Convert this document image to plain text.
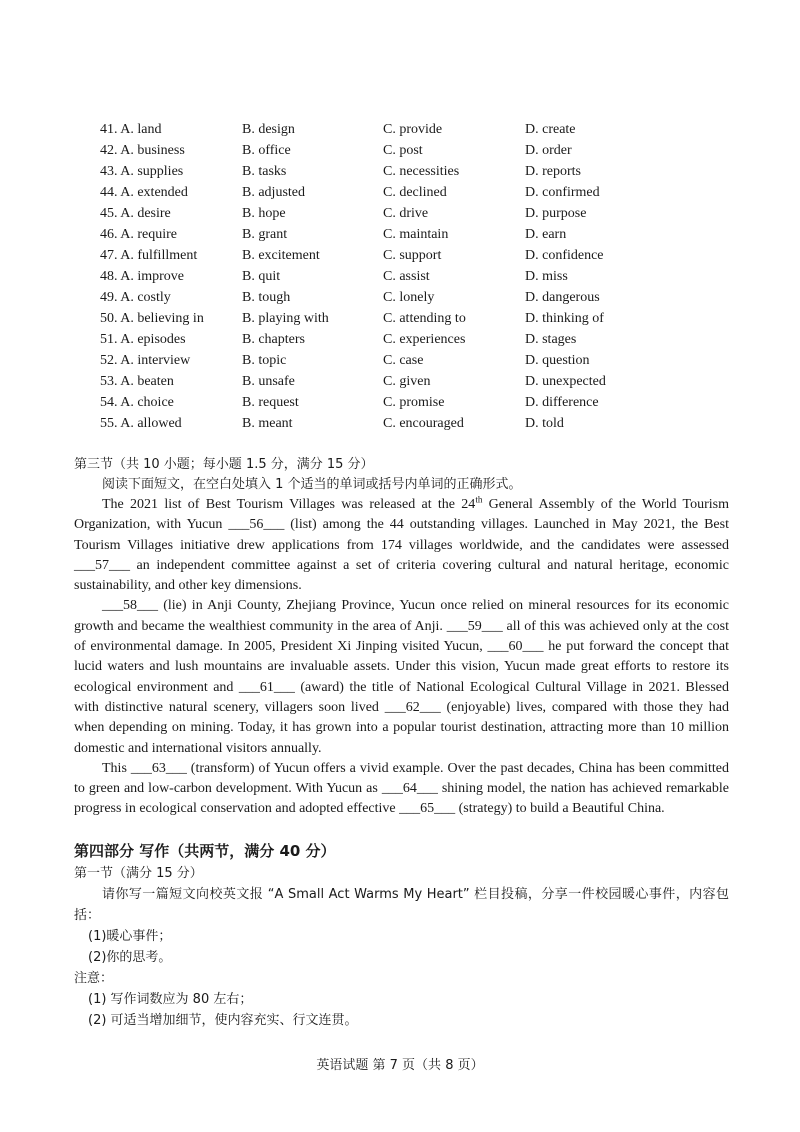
41. A. land	B. design	C. provide	D. create
42. A. business	B. office	C. post	D. order
43. A. supplies	B. tasks	C. necessities	D. reports
44. A. extended	B. adjusted	C. declined	D. confirmed
45. A. desire	B. hope	C. drive	D. purpose
46. A. require	B. grant	C. maintain	D. earn
47. A. fulfillment	B. excitement	C. support	D. confidence
48. A. improve	B. quit	C. assist	D. miss
49. A. costly	B. tough	C. lonely	D. dangerous
50. A. believing in	B. playing with	C. attending to	D. thinking of
51. A. episodes	B. chapters	C. experiences	D. stages
52. A. interview	B. topic	C. case	D. question
53. A. beaten	B. unsafe	C. given	D. unexpected
54. A. choice	B. request	C. promise	D. difference
55. A. allowed	B. meant	C. encouraged	D. told
第三节（共 10 小题；每小题 1.5 分，满分 15 分）
阅读下面短文，在空白处填入 1 个适当的单词或括号内单词的正确形式。

The 2021 list of Best Tourism Villages was released at the 24th General Assembly of the World Tourism Organization, with Yucun ___56___ (list) among the 44 outstanding villages. Launched in May 2021, the Best Tourism Villages initiative drew applications from 174 villages worldwide, and the candidates were assessed ___57___ an independent committee against a set of criteria covering cultural and natural heritage, economic sustainability, and other key dimensions.

___58___ (lie) in Anji County, Zhejiang Province, Yucun once relied on mineral resources for its economic growth and became the wealthiest community in the area of Anji. ___59___ all of this was achieved only at the cost of environmental damage. In 2005, President Xi Jinping visited Yucun, ___60___ he put forward the concept that lucid waters and lush mountains are invaluable assets. Under this vision, Yucun made great efforts to restore its ecological environment and ___61___ (award) the title of National Ecological Cultural Village in 2021. Blessed with distinctive natural scenery, villagers soon lived ___62___ (enjoyable) lives, compared with those they had when depending on mining. Today, it has grown into a popular tourist destination, attracting more than 10 million domestic and international visitors annually.

This ___63___ (transform) of Yucun offers a vivid example. Over the past decades, China has been committed to green and low-carbon development. With Yucun as ___64___ shining model, the nation has achieved remarkable progress in ecological conservation and adopted effective ___65___ (strategy) to build a Beautiful China.

第四部分 写作（共两节，满分 40 分）
第一节（满分 15 分）
请你写一篇短文向校英文报 “A Small Act Warms My Heart” 栏目投稿，分享一件校园暖心事件，内容包括：
(1)暖心事件；
(2)你的思考。
注意：
(1) 写作词数应为 80 左右；
(2) 可适当增加细节，使内容充实、行文连贯。
英语试题 第 7 页（共 8 页）
